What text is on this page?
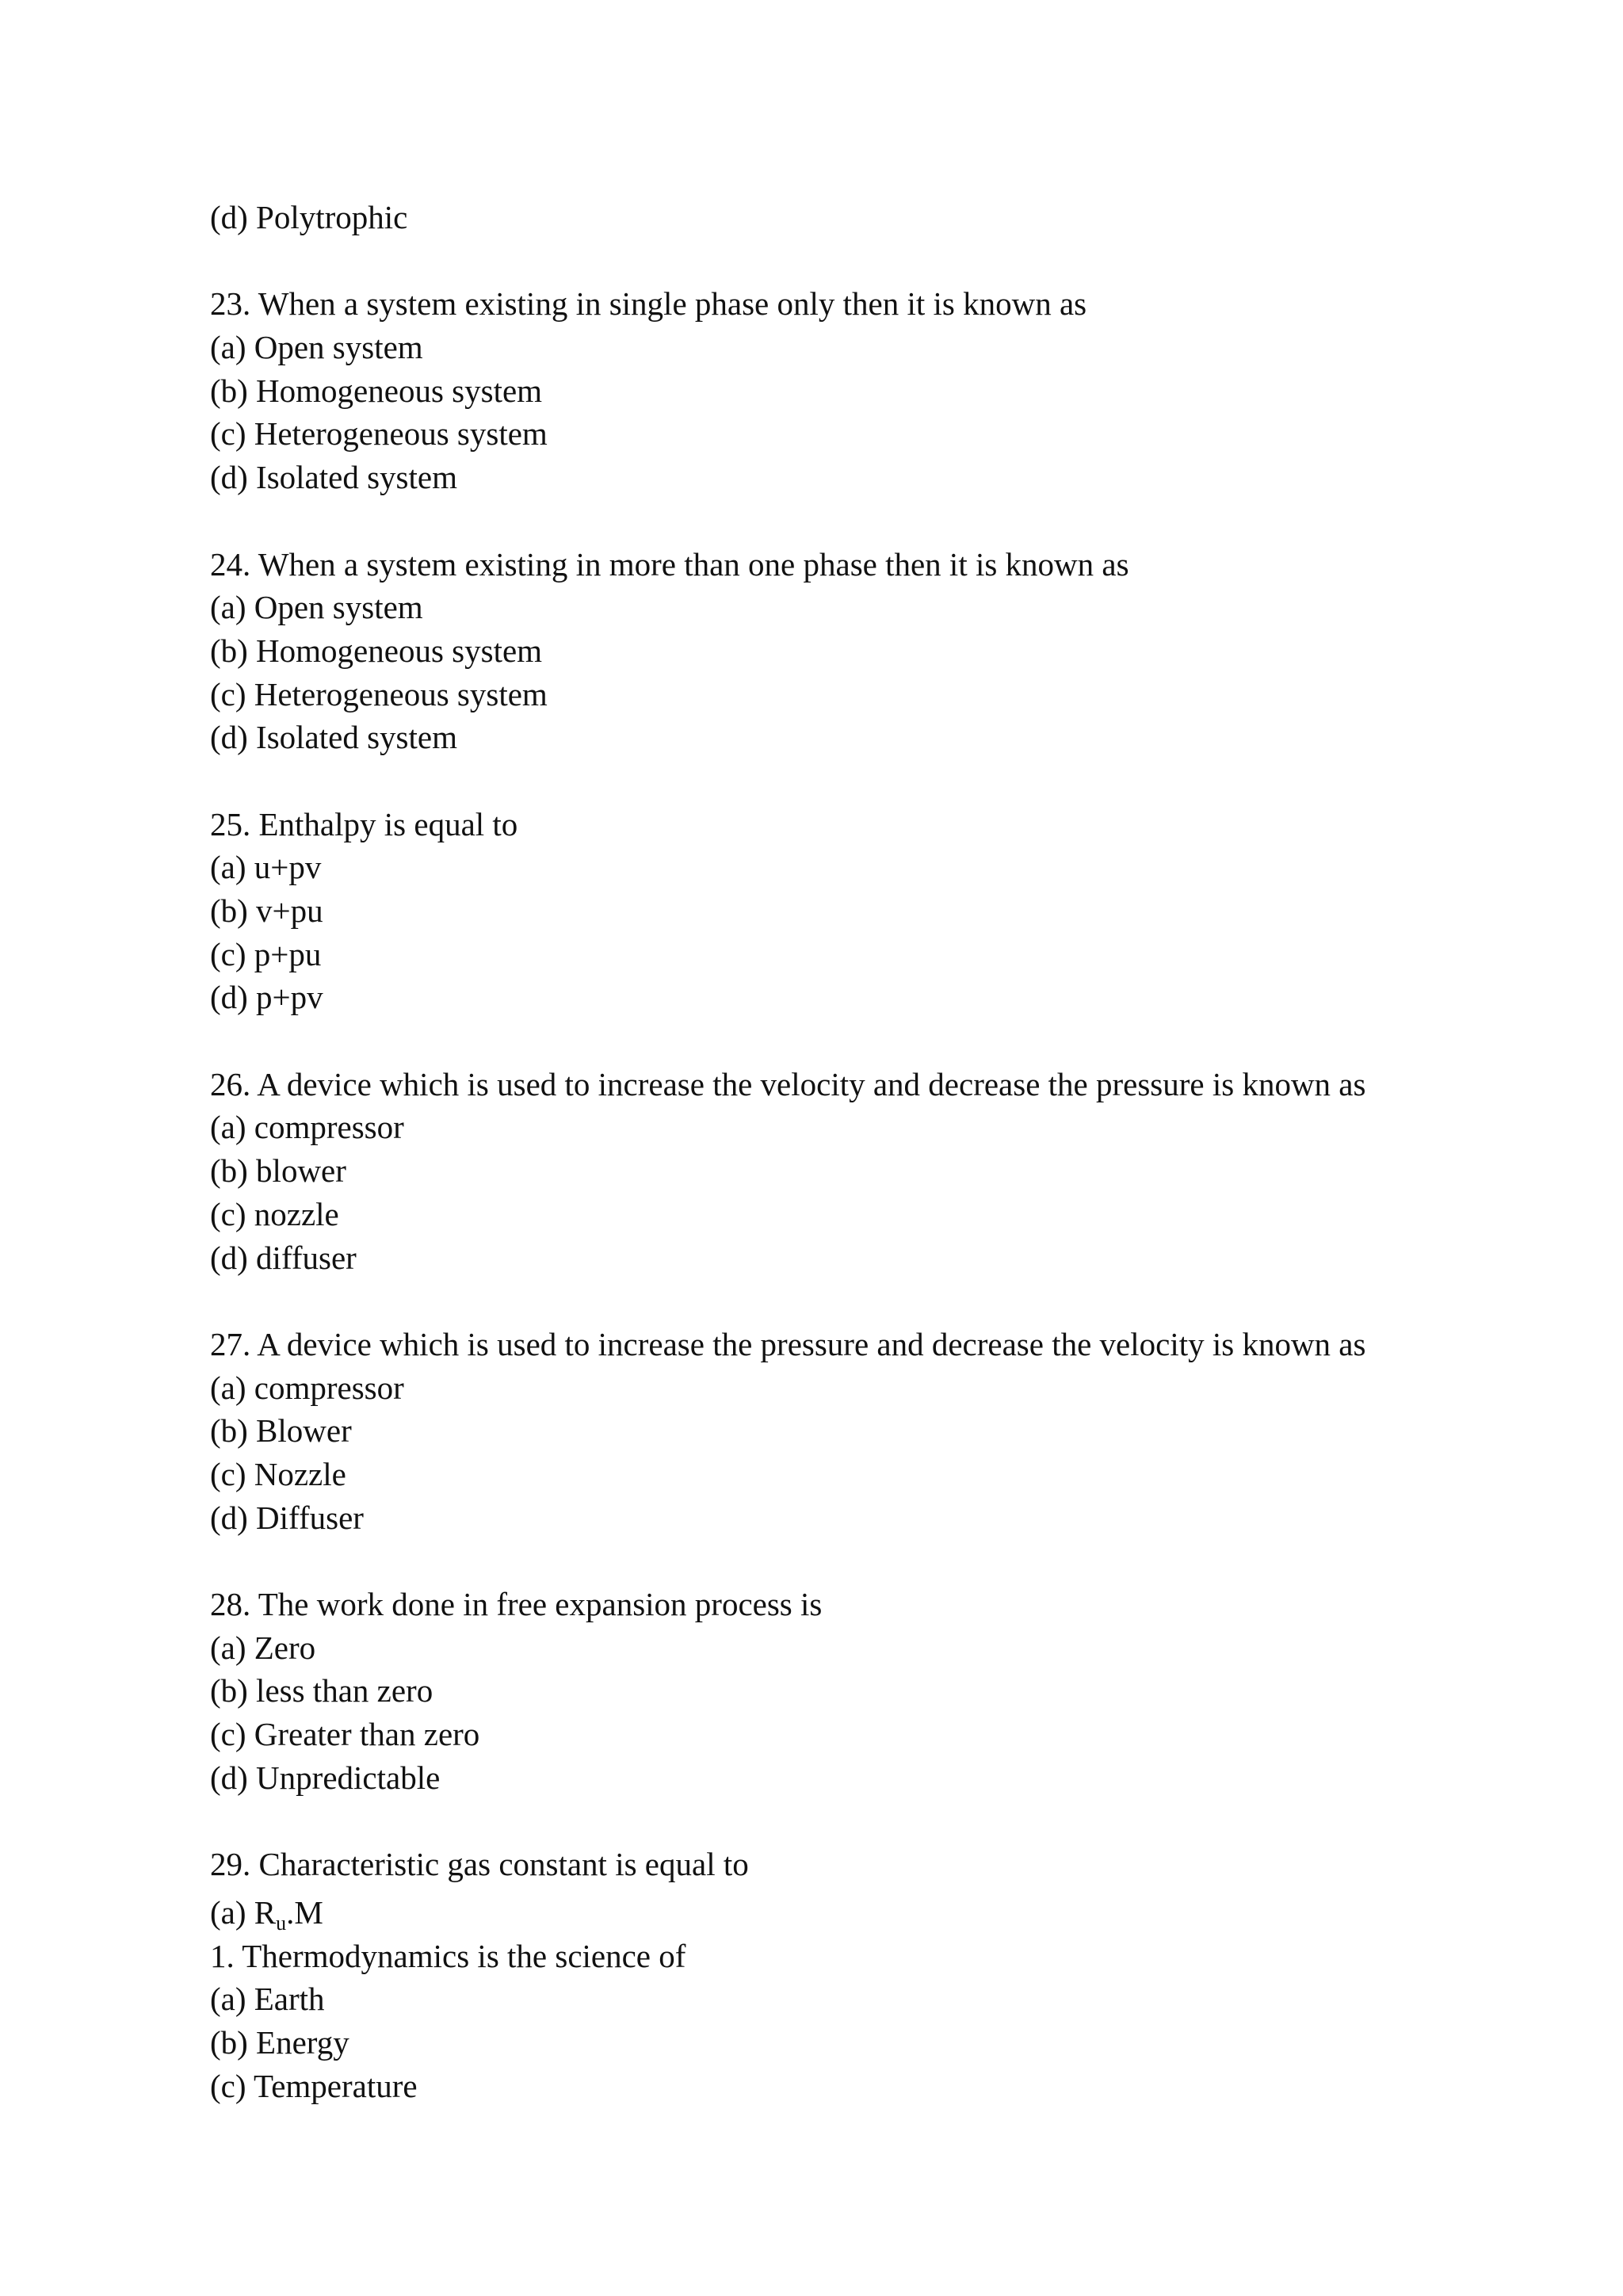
(d) Polytrophic
23. When a system existing in single phase only then it is known as
(a) Open system
(b) Homogeneous system
(c) Heterogeneous system
(d) Isolated system
24. When a system existing in more than one phase then it is known as
(a) Open system
(b) Homogeneous system
(c) Heterogeneous system
(d) Isolated system
25. Enthalpy is equal to
(a) u+pv
(b) v+pu
(c) p+pu
(d) p+pv
26. A device which is used to increase the velocity and decrease the pressure is known as
(a) compressor
(b) blower
(c) nozzle
(d) diffuser
27. A device which is used to increase the pressure and decrease the velocity is known as
(a) compressor
(b) Blower
(c) Nozzle
(d) Diffuser
28. The work done in free expansion process is
(a) Zero
(b) less than zero
(c) Greater than zero
(d) Unpredictable
29. Characteristic gas constant is equal to
(a) $R_u.M$
1. Thermodynamics is the science of
(a) Earth
(b) Energy
(c) Temperature
